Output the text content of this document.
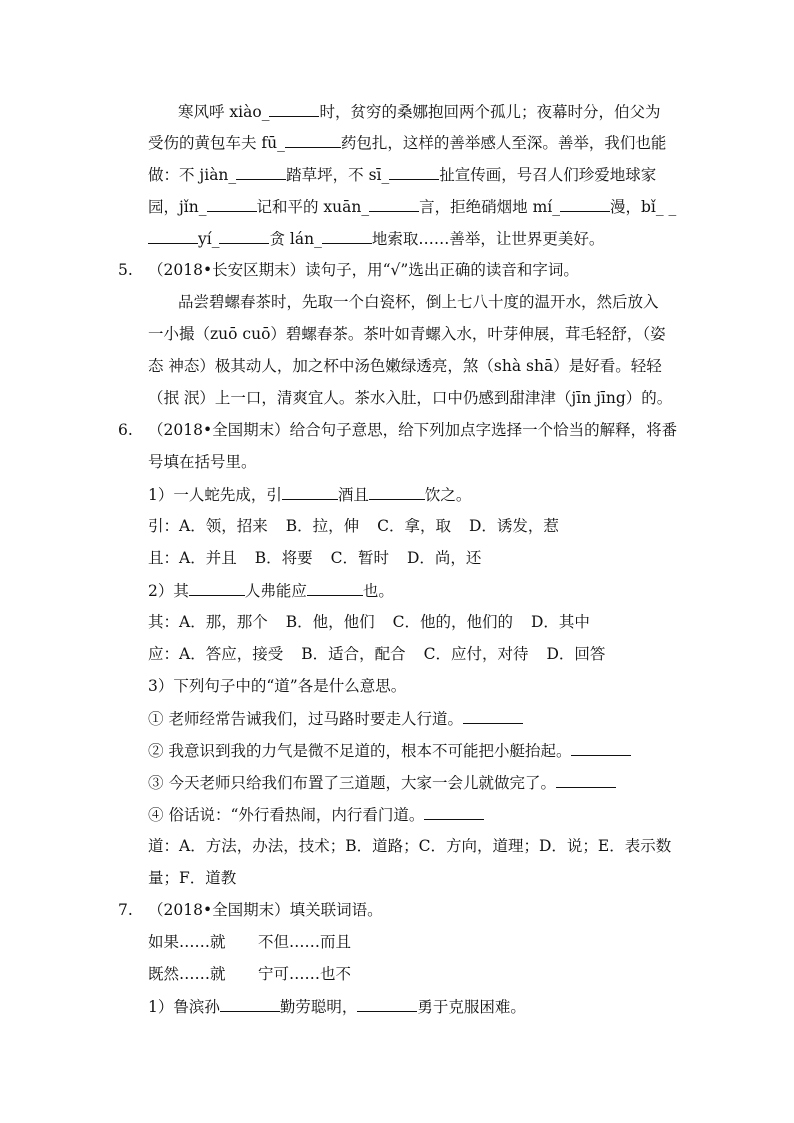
寒风呼 xiào_	时，贫穷的桑娜抱回两个孤儿；夜幕时分，伯父为
受伤的黄包车夫 fū_	药包扎，这样的善举感人至深。善举，我们也能
做：不 jiàn_	踏草坪，不 sī_	扯宣传画，号召人们珍爱地球家
园，jǐn_	记和平的 xuān_	言，拒绝硝烟地 mí_	漫，bǐ_ _
yí_	贪 lán_	地索取……善举，让世界更美好。
5. （2018•长安区期末）读句子，用“√”选出正确的读音和字词。
品尝碧螺春茶时，先取一个白瓷杯，倒上七八十度的温开水，然后放入
一小撮（zuō cuō）碧螺春茶。茶叶如青螺入水，叶芽伸展，茸毛轻舒，（姿
态 神态）极其动人，加之杯中汤色嫩绿透亮，煞（shà shā）是好看。轻轻
（抿 泯）上一口，清爽宜人。茶水入肚，口中仍感到甜津津（jīn jīng）的。
6. （2018•全国期末）给合句子意思，给下列加点字选择一个恰当的解释，将番
号填在括号里。
1）一人蛇先成，引	酒且	饮之。
引：A．领，招来 B．拉，伸 C．拿，取 D．诱发，惹
且：A．并且 B．将要 C．暂时 D．尚，还
2）其	人弗能应	也。
其：A．那，那个 B．他，他们 C．他的，他们的 D．其中
应：A．答应，接受 B．适合，配合 C．应付，对待 D．回答
3）下列句子中的“道”各是什么意思。
① 老师经常告诫我们，过马路时要走人行道。
② 我意识到我的力气是微不足道的，根本不可能把小艇抬起。
③ 今天老师只给我们布置了三道题，大家一会儿就做完了。
④ 俗话说：“外行看热闹，内行看门道。
道：A．方法，办法，技术；B．道路；C．方向，道理；D．说；E．表示数
量；F．道教
7. （2018•全国期末）填关联词语。
如果……就 不但……而且
既然……就 宁可……也不
1）鲁滨孙	勤劳聪明，	勇于克服困难。
